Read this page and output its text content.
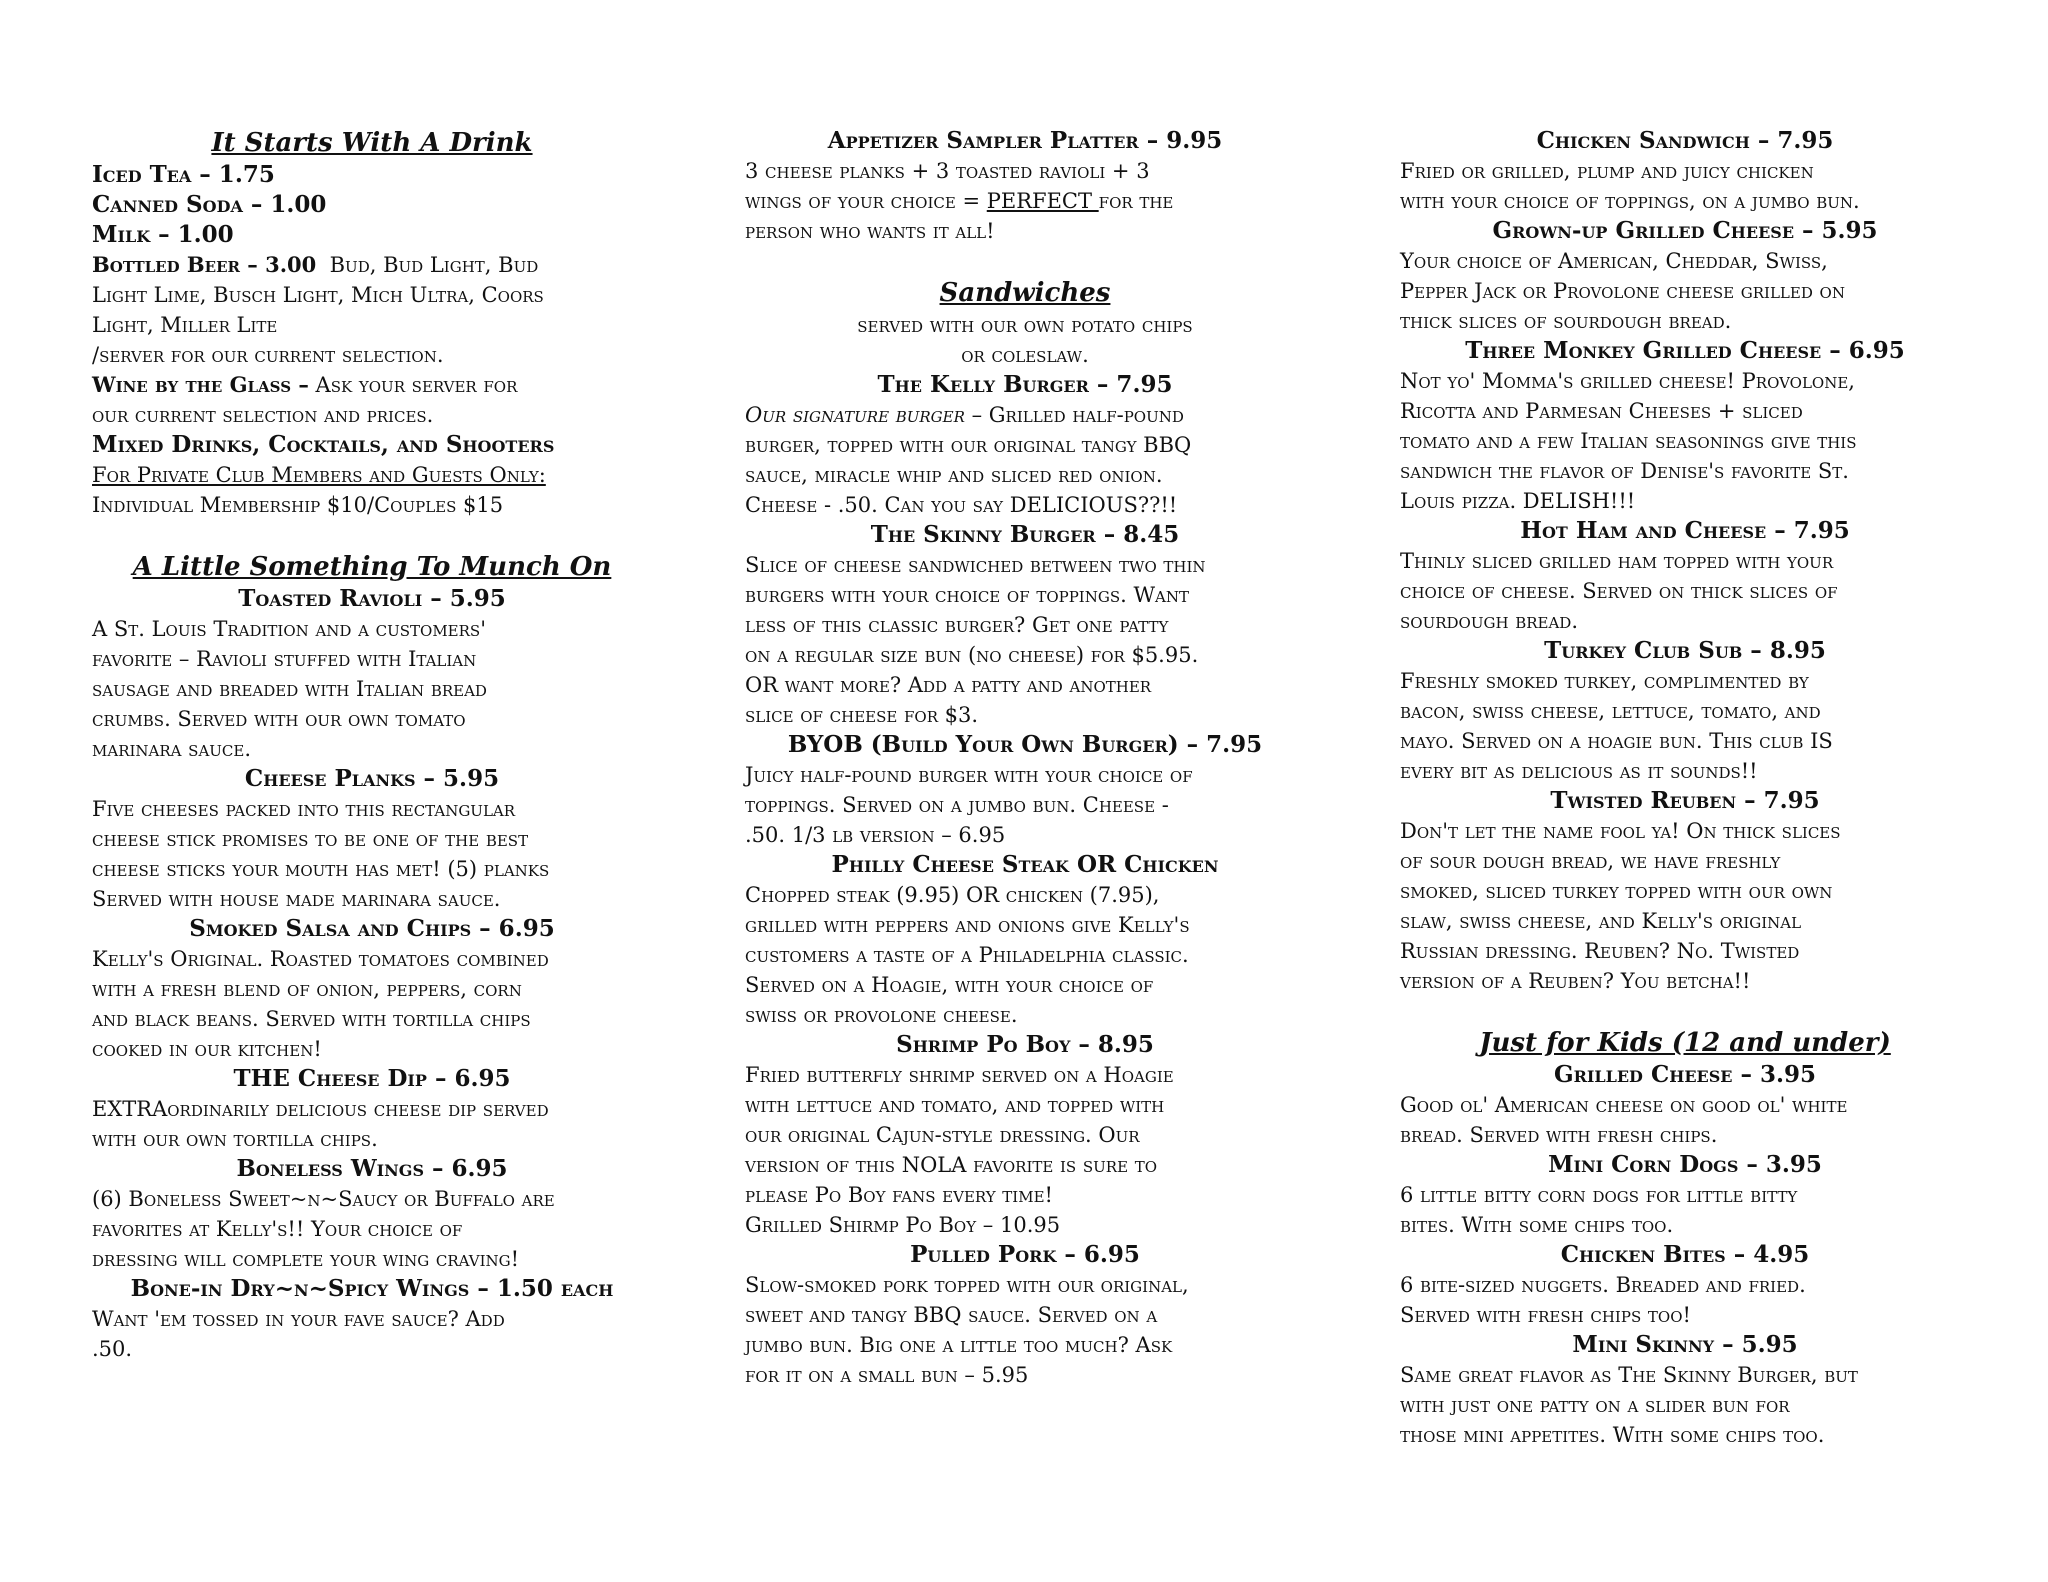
It Starts With A Drink

Iced Tea – 1.75

Canned Soda – 1.00

Milk – 1.00

Bottled Beer – 3.00 Bud, Bud Light, Bud

Light Lime, Busch Light, Mich Ultra, Coors

Light, Miller Lite

/server for our current selection.

Wine by the Glass – Ask your server for

our current selection and prices.

Mixed Drinks, Cocktails, and Shooters

For Private Club Members and Guests Only:

Individual Membership $10/Couples $15

A Little Something To Munch On

Toasted Ravioli – 5.95

A St. Louis Tradition and a customers'

favorite – Ravioli stuffed with Italian

sausage and breaded with Italian bread

crumbs. Served with our own tomato

marinara sauce.

Cheese Planks – 5.95

Five cheeses packed into this rectangular

cheese stick promises to be one of the best

cheese sticks your mouth has met! (5) planks

Served with house made marinara sauce.

Smoked Salsa and Chips – 6.95

Kelly's Original. Roasted tomatoes combined

with a fresh blend of onion, peppers, corn

and black beans. Served with tortilla chips

cooked in our kitchen!

THE Cheese Dip – 6.95

EXTRAordinarily delicious cheese dip served

with our own tortilla chips.

Boneless Wings – 6.95

(6) Boneless Sweet~n~Saucy or Buffalo are

favorites at Kelly's!! Your choice of

dressing will complete your wing craving!

Bone-in Dry~n~Spicy Wings – 1.50 each

Want 'em tossed in your fave sauce? Add

.50.

Appetizer Sampler Platter – 9.95

3 cheese planks + 3 toasted ravioli + 3

wings of your choice = PERFECT for the

person who wants it all!

Sandwiches

served with our own potato chips

or coleslaw.

The Kelly Burger – 7.95

Our signature burger – Grilled half-pound

burger, topped with our original tangy BBQ

sauce, miracle whip and sliced red onion.

Cheese - .50. Can you say DELICIOUS??!!

The Skinny Burger – 8.45

Slice of cheese sandwiched between two thin

burgers with your choice of toppings. Want

less of this classic burger? Get one patty

on a regular size bun (no cheese) for $5.95.

OR want more? Add a patty and another

slice of cheese for $3.

BYOB (Build Your Own Burger) – 7.95

Juicy half-pound burger with your choice of

toppings. Served on a jumbo bun. Cheese -

.50. 1/3 lb version – 6.95

Philly Cheese Steak OR Chicken

Chopped steak (9.95) OR chicken (7.95),

grilled with peppers and onions give Kelly's

customers a taste of a Philadelphia classic.

Served on a Hoagie, with your choice of

swiss or provolone cheese.

Shrimp Po Boy – 8.95

Fried butterfly shrimp served on a Hoagie

with lettuce and tomato, and topped with

our original Cajun-style dressing. Our

version of this NOLA favorite is sure to

please Po Boy fans every time!

Grilled Shirmp Po Boy – 10.95

Pulled Pork – 6.95

Slow-smoked pork topped with our original,

sweet and tangy BBQ sauce. Served on a

jumbo bun. Big one a little too much? Ask

for it on a small bun – 5.95

Chicken Sandwich – 7.95

Fried or grilled, plump and juicy chicken

with your choice of toppings, on a jumbo bun.

Grown-up Grilled Cheese – 5.95

Your choice of American, Cheddar, Swiss,

Pepper Jack or Provolone cheese grilled on

thick slices of sourdough bread.

Three Monkey Grilled Cheese – 6.95

Not yo' Momma's grilled cheese! Provolone,

Ricotta and Parmesan Cheeses + sliced

tomato and a few Italian seasonings give this

sandwich the flavor of Denise's favorite St.

Louis pizza. DELISH!!!

Hot Ham and Cheese – 7.95

Thinly sliced grilled ham topped with your

choice of cheese. Served on thick slices of

sourdough bread.

Turkey Club Sub – 8.95

Freshly smoked turkey, complimented by

bacon, swiss cheese, lettuce, tomato, and

mayo. Served on a hoagie bun. This club IS

every bit as delicious as it sounds!!

Twisted Reuben – 7.95

Don't let the name fool ya! On thick slices

of sour dough bread, we have freshly

smoked, sliced turkey topped with our own

slaw, swiss cheese, and Kelly's original

Russian dressing. Reuben? No. Twisted

version of a Reuben? You betcha!!

Just for Kids (12 and under)

Grilled Cheese – 3.95

Good ol' American cheese on good ol' white

bread. Served with fresh chips.

Mini Corn Dogs – 3.95

6 little bitty corn dogs for little bitty

bites. With some chips too.

Chicken Bites – 4.95

6 bite-sized nuggets. Breaded and fried.

Served with fresh chips too!

Mini Skinny – 5.95

Same great flavor as The Skinny Burger, but

with just one patty on a slider bun for

those mini appetites. With some chips too.
